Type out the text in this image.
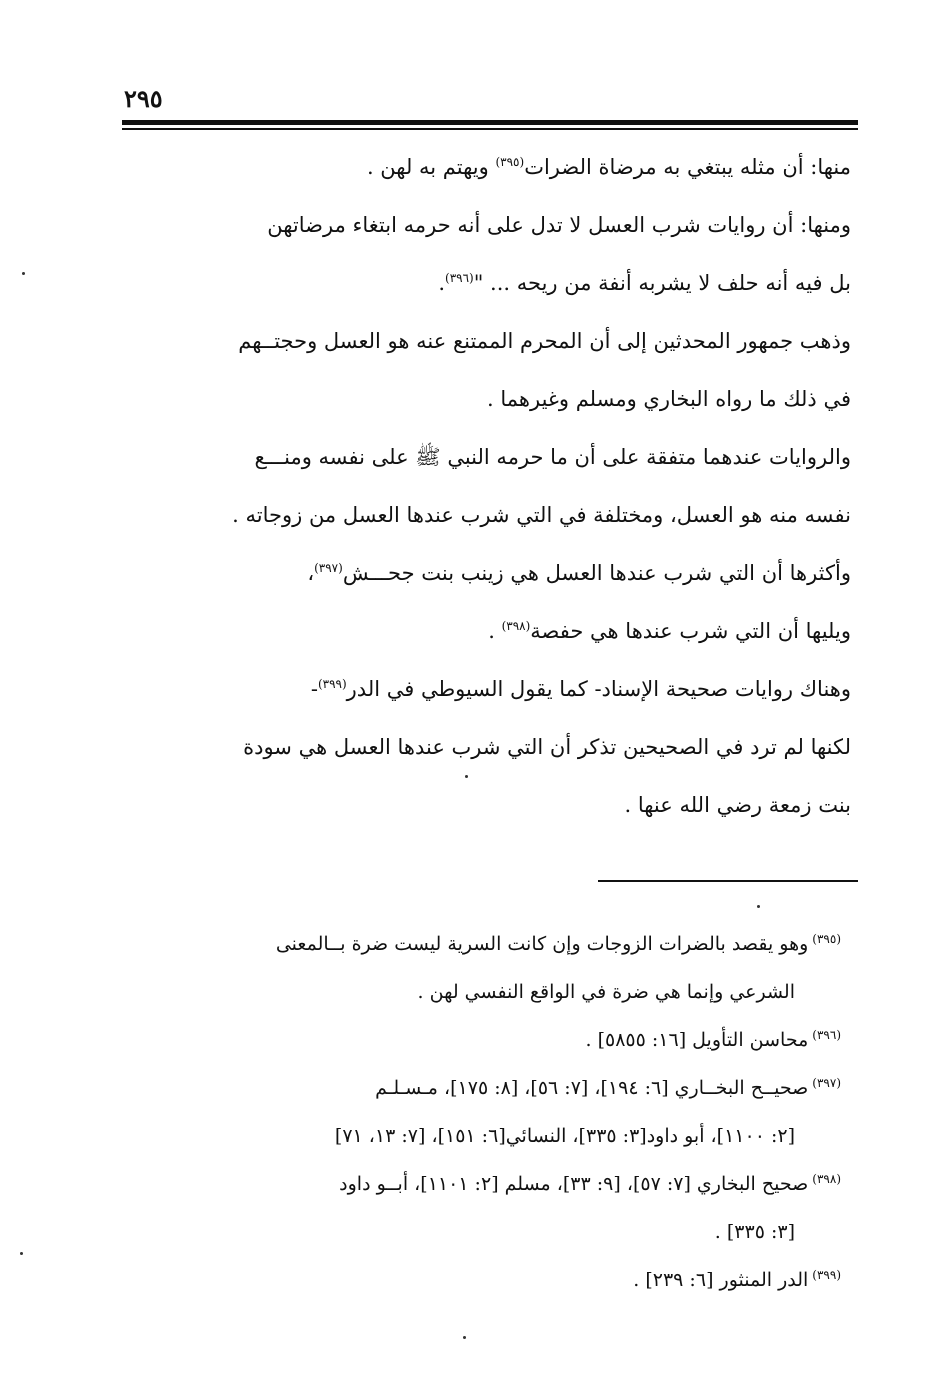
٢٩٥
منها: أن مثله يبتغي به مرضاة الضرات$^{(٣٩٥)}$ ويهتم به لهن .
ومنها: أن روايات شرب العسل لا تدل على أنه حرمه ابتغاء مرضاتهن
بل فيه أنه حلف لا يشربه أنفة من ريحه ... "$^{(٣٩٦)}$.
وذهب جمهور المحدثين إلى أن المحرم الممتنع عنه هو العسل وحجتــهم
في ذلك ما رواه البخاري ومسلم وغيرهما .
والروايات عندهما متفقة على أن ما حرمه النبي ﷺ على نفسه ومنـــع
نفسه منه هو العسل، ومختلفة في التي شرب عندها العسل من زوجاته .
وأكثرها أن التي شرب عندها العسل هي زينب بنت جحـــش$^{(٣٩٧)}$،
ويليها أن التي شرب عندها هي حفصة$^{(٣٩٨)}$ .
وهناك روايات صحيحة الإسناد- كما يقول السيوطي في الدر$^{(٣٩٩)}$-
لكنها لم ترد في الصحيحين تذكر أن التي شرب عندها العسل هي سودة
بنت زمعة رضي الله عنها .
$^{(٣٩٥)}$وهو يقصد بالضرات الزوجات وإن كانت السرية ليست ضرة بــالمعنى
الشرعي وإنما هي ضرة في الواقع النفسي لهن .
$^{(٣٩٦)}$محاسن التأويل [١٦: ٥٨٥٥] .
$^{(٣٩٧)}$صحيــح البخــاري [٦: ١٩٤]، [٧: ٥٦]، [٨: ١٧٥]، مـسـلـم
[٢: ١١٠٠]، أبو داود[٣: ٣٣٥]، النسائي[٦: ١٥١]، [٧: ١٣، ٧١]
$^{(٣٩٨)}$صحيح البخاري [٧: ٥٧]، [٩: ٣٣]، مسلم [٢: ١١٠١]، أبــو داود
[٣: ٣٣٥] .
$^{(٣٩٩)}$الدر المنثور [٦: ٢٣٩] .
